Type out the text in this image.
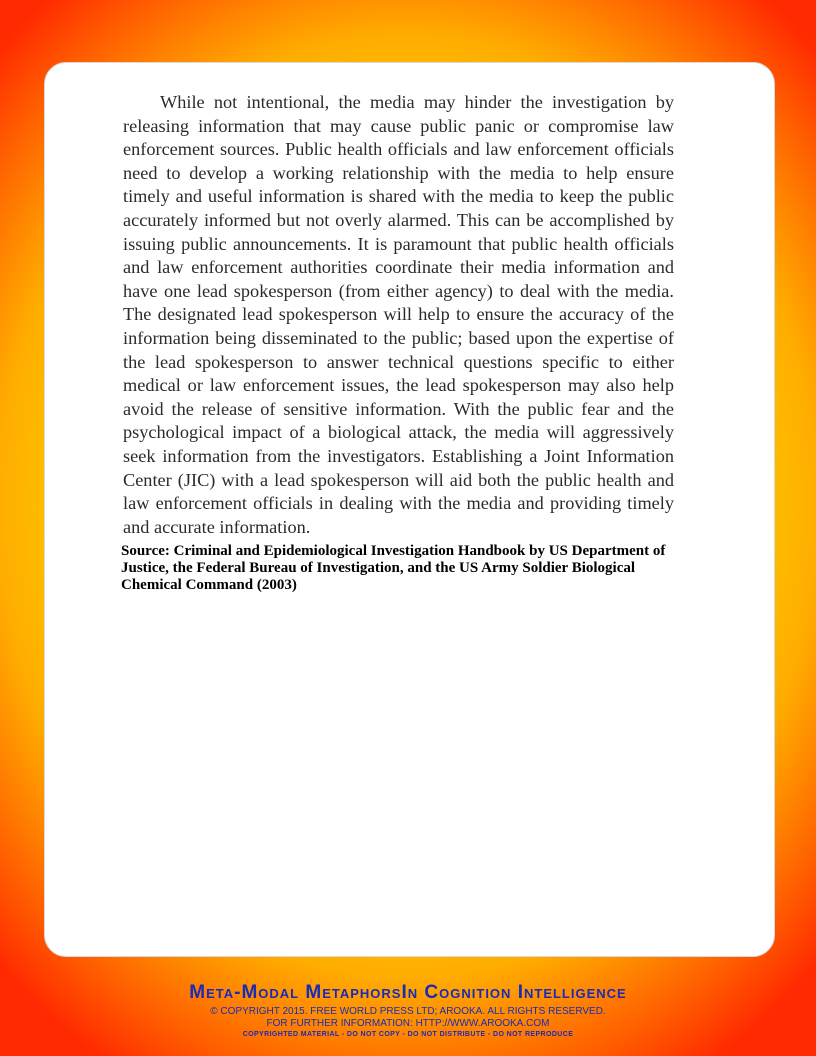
While not intentional, the media may hinder the investigation by releasing information that may cause public panic or compromise law enforcement sources. Public health officials and law enforcement officials need to develop a working relationship with the media to help ensure timely and useful information is shared with the media to keep the public accurately informed but not overly alarmed. This can be accomplished by issuing public announcements. It is paramount that public health officials and law enforcement authorities coordinate their media information and have one lead spokesperson (from either agency) to deal with the media. The designated lead spokesperson will help to ensure the accuracy of the information being disseminated to the public; based upon the expertise of the lead spokesperson to answer technical questions specific to either medical or law enforcement issues, the lead spokesperson may also help avoid the release of sensitive information. With the public fear and the psychological impact of a biological attack, the media will aggressively seek information from the investigators. Establishing a Joint Information Center (JIC) with a lead spokesperson will aid both the public health and law enforcement officials in dealing with the media and providing timely and accurate information.

Source: Criminal and Epidemiological Investigation Handbook by US Department of Justice, the Federal Bureau of Investigation, and the US Army Soldier Biological Chemical Command (2003)

Meta-Modal MetaphorsIn Cognition Intelligence
© COPYRIGHT 2015. FREE WORLD PRESS LTD; AROOKA. ALL RIGHTS RESERVED.
FOR FURTHER INFORMATION: HTTP://WWW.AROOKA.COM
COPYRIGHTED MATERIAL - DO NOT COPY - DO NOT DISTRIBUTE - DO NOT REPRODUCE
